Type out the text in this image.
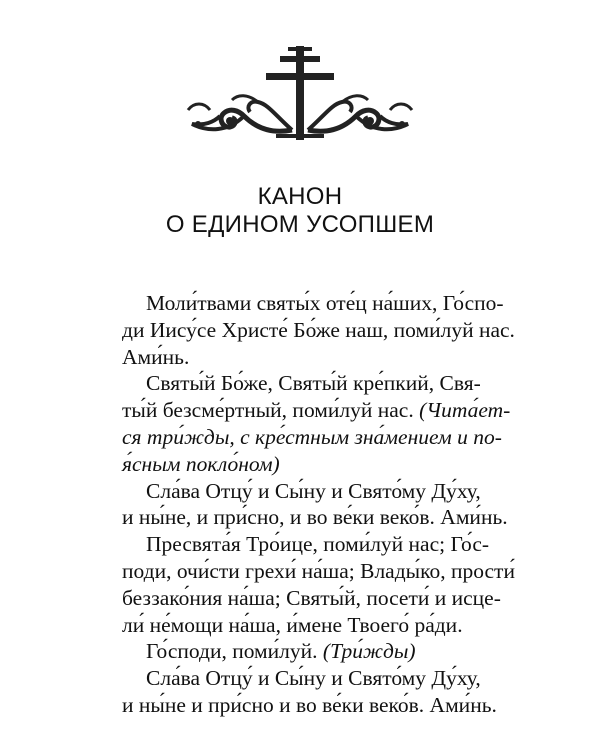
КАНОН
О ЕДИНОМ УСОПШЕМ

Моли́твами святы́х оте́ц на́ших, Го́спо-
ди Иису́се Христе́ Бо́же наш, поми́луй нас.
Ами́нь.

Святы́й Бо́же, Святы́й кре́пкий, Свя-
ты́й безсме́ртный, поми́луй нас. (Чита́ет-
ся три́жды, с кре́стным зна́мением и по-
я́сным покло́ном)

Сла́ва Отцу́ и Сы́ну и Свято́му Ду́ху,
и ны́не, и при́сно, и во ве́ки веко́в. Ами́нь.

Пресвята́я Тро́ице, поми́луй нас; Го́с-
поди, очи́сти грехи́ на́ша; Влады́ко, прости́
беззако́ния на́ша; Святы́й, посети́ и исце-
ли́ не́мощи на́ша, и́мене Твоего́ ра́ди.

Го́споди, поми́луй. (Три́жды)

Сла́ва Отцу́ и Сы́ну и Свято́му Ду́ху,
и ны́не и при́сно и во ве́ки веко́в. Ами́нь.
